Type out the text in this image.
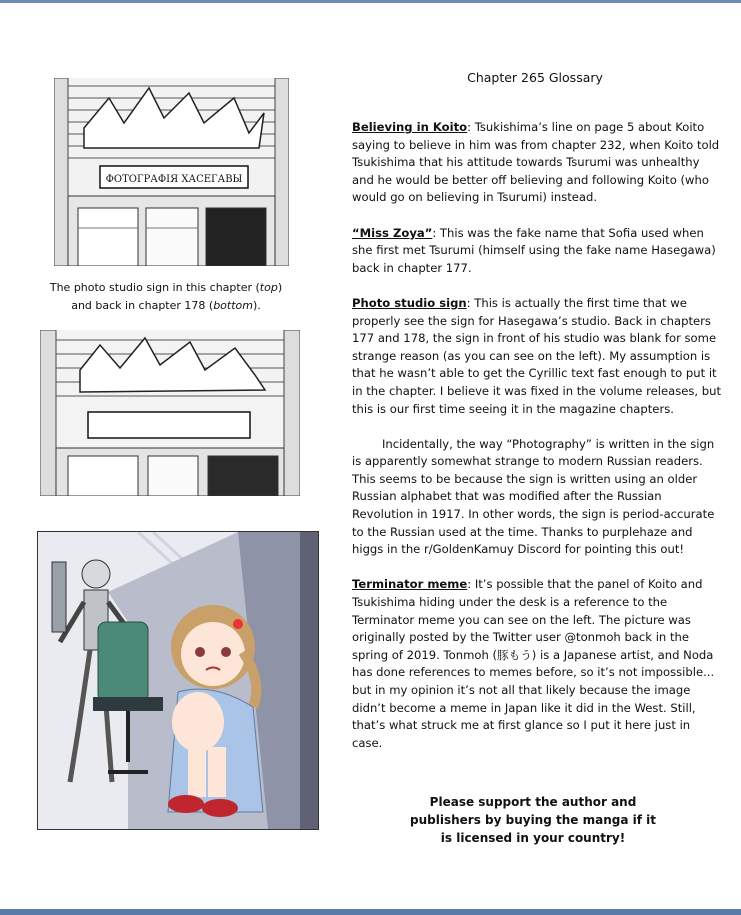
ФОТОГРАФIЯ ХАСЕГАВЫ
The photo studio sign in this chapter (top) and back in chapter 178 (bottom).
Chapter 265 Glossary

Believing in Koito: Tsukishima’s line on page 5 about Koito saying to believe in him was from chapter 232, when Koito told Tsukishima that his attitude towards Tsurumi was unhealthy and he would be better off believing and following Koito (who would go on believing in Tsurumi) instead.

“Miss Zoya”: This was the fake name that Sofia used when she first met Tsurumi (himself using the fake name Hasegawa) back in chapter 177.

Photo studio sign: This is actually the first time that we properly see the sign for Hasegawa’s studio. Back in chapters 177 and 178, the sign in front of his studio was blank for some strange reason (as you can see on the left). My assumption is that he wasn’t able to get the Cyrillic text fast enough to put it in the chapter. I believe it was fixed in the volume releases, but this is our first time seeing it in the magazine chapters.

Incidentally, the way “Photography” is written in the sign is apparently somewhat strange to modern Russian readers. This seems to be because the sign is written using an older Russian alphabet that was modified after the Russian Revolution in 1917. In other words, the sign is period-accurate to the Russian used at the time. Thanks to purplehaze and higgs in the r/GoldenKamuy Discord for pointing this out!

Terminator meme: It’s possible that the panel of Koito and Tsukishima hiding under the desk is a reference to the Terminator meme you can see on the left. The picture was originally posted by the Twitter user @tonmoh back in the spring of 2019. Tonmoh (豚もう) is a Japanese artist, and Noda has done references to memes before, so it’s not impossible... but in my opinion it’s not all that likely because the image didn’t become a meme in Japan like it did in the West. Still, that’s what struck me at first glance so I put it here just in case.

Please support the author and publishers by buying the manga if it is licensed in your country!
